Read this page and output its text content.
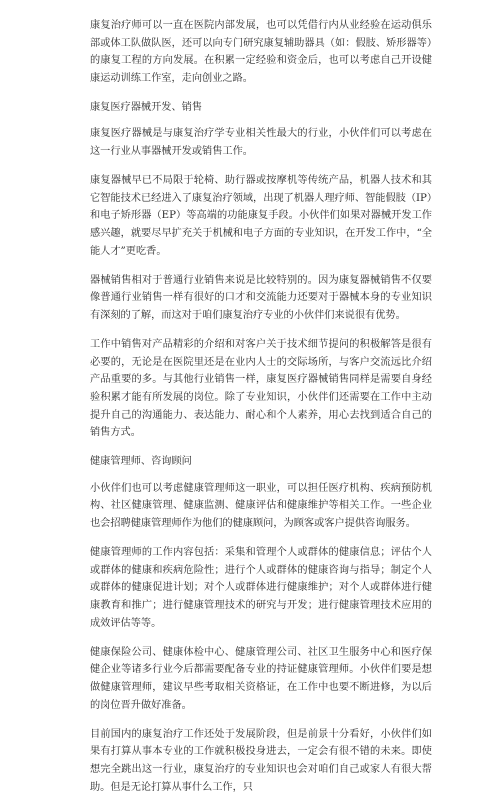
康复治疗师可以一直在医院内部发展，也可以凭借行内从业经验在运动俱乐部或体工队做队医，还可以向专门研究康复辅助器具（如：假肢、矫形器等）的康复工程的方向发展。在积累一定经验和资金后，也可以考虑自己开设健康运动训练工作室，走向创业之路。

康复医疗器械开发、销售

康复医疗器械是与康复治疗学专业相关性最大的行业，小伙伴们可以考虑在这一行业从事器械开发或销售工作。

康复器械早已不局限于轮椅、助行器或按摩机等传统产品，机器人技术和其它智能技术已经进入了康复治疗领域，出现了机器人理疗师、智能假肢（IP）和电子矫形器（EP）等高端的功能康复手段。小伙伴们如果对器械开发工作感兴趣，就要尽早扩充关于机械和电子方面的专业知识，在开发工作中，“全能人才”更吃香。

器械销售相对于普通行业销售来说是比较特别的。因为康复器械销售不仅要像普通行业销售一样有很好的口才和交流能力还要对于器械本身的专业知识有深刻的了解，而这对于咱们康复治疗专业的小伙伴们来说很有优势。

工作中销售对产品精彩的介绍和对客户关于技术细节提问的积极解答是很有必要的，无论是在医院里还是在业内人士的交际场所，与客户交流远比介绍产品重要的多。与其他行业销售一样，康复医疗器械销售同样是需要自身经验积累才能有所发展的岗位。除了专业知识，小伙伴们还需要在工作中主动提升自己的沟通能力、表达能力、耐心和个人素养，用心去找到适合自己的销售方式。

健康管理师、咨询顾问

小伙伴们也可以考虑健康管理师这一职业，可以担任医疗机构、疾病预防机构、社区健康管理、健康监测、健康评估和健康维护等相关工作。一些企业也会招聘健康管理师作为他们的健康顾问，为顾客或客户提供咨询服务。

健康管理师的工作内容包括：采集和管理个人或群体的健康信息；评估个人或群体的健康和疾病危险性；进行个人或群体的健康咨询与指导；制定个人或群体的健康促进计划；对个人或群体进行健康维护；对个人或群体进行健康教育和推广；进行健康管理技术的研究与开发；进行健康管理技术应用的成效评估等等。

健康保险公司、健康体检中心、健康管理公司、社区卫生服务中心和医疗保健企业等诸多行业今后都需要配备专业的持证健康管理师。小伙伴们要是想做健康管理师，建议早些考取相关资格证，在工作中也要不断进修，为以后的岗位晋升做好准备。

目前国内的康复治疗工作还处于发展阶段，但是前景十分看好，小伙伴们如果有打算从事本专业的工作就积极投身进去，一定会有很不错的未来。即使想完全跳出这一行业，康复治疗的专业知识也会对咱们自己或家人有很大帮助。但是无论打算从事什么工作，只
